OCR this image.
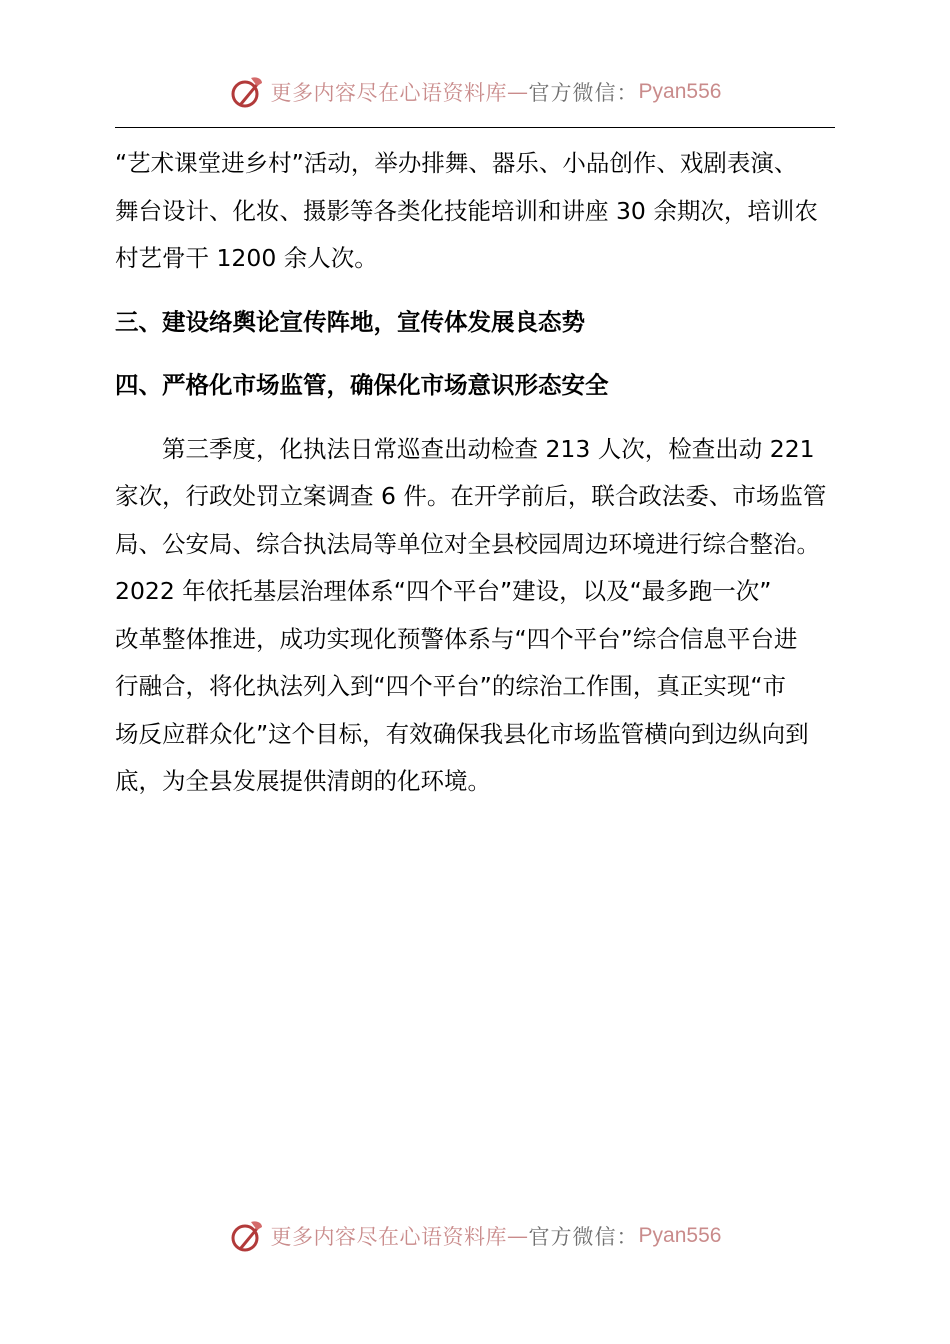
更多内容尽在心语资料库 — 官方微信： Pyan556

“艺术课堂进乡村”活动，举办排舞、器乐、小品创作、戏剧表演、
舞台设计、化妆、摄影等各类化技能培训和讲座 30 余期次，培训农
村艺骨干 1200 余人次。

三、建设络舆论宣传阵地，宣传体发展良态势
四、严格化市场监管，确保化市场意识形态安全

第三季度，化执法日常巡查出动检查 213 人次，检查出动 221
家次，行政处罚立案调查 6 件。在开学前后，联合政法委、市场监管
局、公安局、综合执法局等单位对全县校园周边环境进行综合整治。
2022 年依托基层治理体系“四个平台”建设，以及“最多跑一次”
改革整体推进，成功实现化预警体系与“四个平台”综合信息平台进
行融合，将化执法列入到“四个平台”的综治工作围，真正实现“市
场反应群众化”这个目标，有效确保我县化市场监管横向到边纵向到
底，为全县发展提供清朗的化环境。

更多内容尽在心语资料库 — 官方微信： Pyan556
